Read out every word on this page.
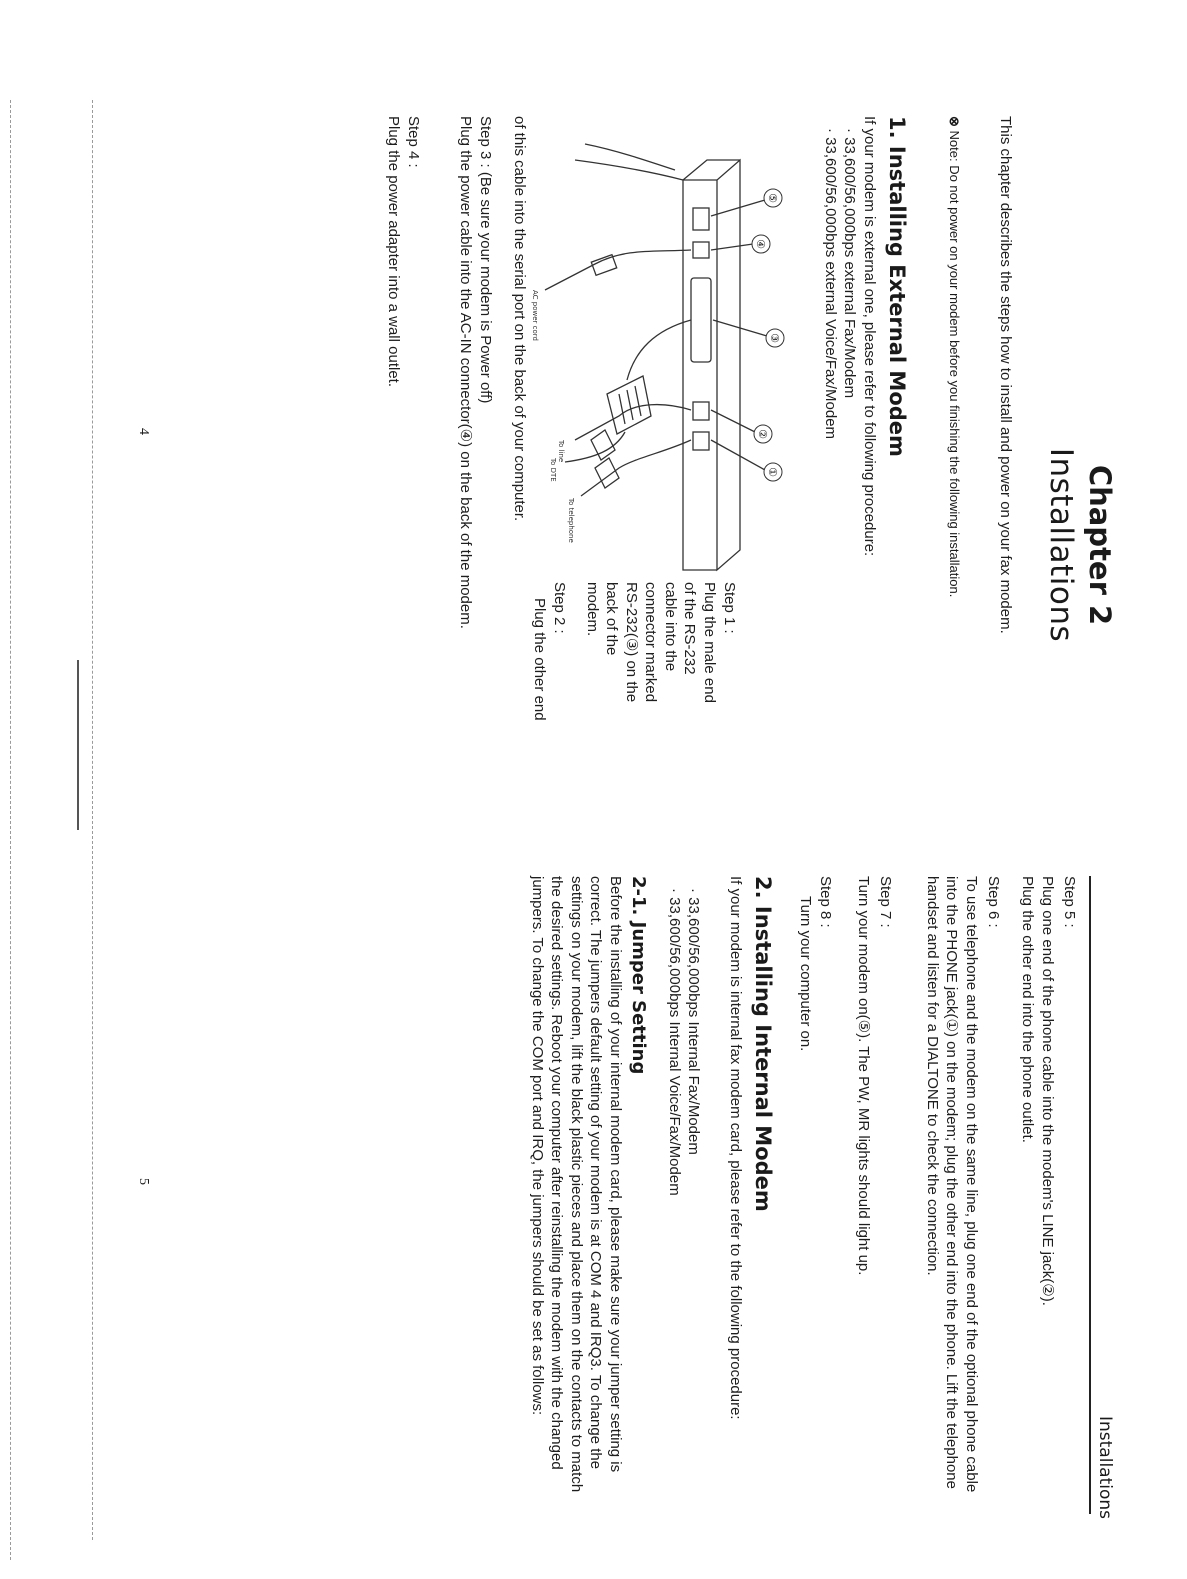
Chapter 2
Installations
This chapter describes the steps how to install and power on your fax modem.
⊗ Note: Do not power on your modem before you finishing the following installation.
1. Installing External Modem
If your modem is external one, please refer to following procedure:
· 33,600/56,000bps external Fax/Modem
· 33,600/56,000bps external Voice/Fax/Modem
⑤
④
③
②
①
To telephone
To line
To DTE
AC power cord
Step 1 :
Plug the male end of the RS-232 cable into the connector marked RS-232(③) on the back of the modem.
Step 2 :
Plug the other end
of this cable into the serial port on the back of your computer.
Step 3 : (Be sure your modem is Power off)
Plug the power cable into the AC-IN connector(④) on the back of the modem.
Step 4 :
Plug the power adapter into a wall outlet.
4
Installations
Step 5 :
Plug one end of the phone cable into the modem's LINE jack(②).
Plug the other end into the phone outlet.
Step 6 :
To use telephone and the modem on the same line, plug one end of the optional phone cable into the PHONE jack(①) on the modem; plug the other end into the phone. Lift the telephone handset and listen for a DIALTONE to check the connection.
Step 7 :
Turn your modem on(⑤). The PW, MR lights should light up.
Step 8 :
Turn your computer on.
2. Installing Internal Modem
If your modem is internal fax modem card, please refer to the following procedure:
· 33,600/56,000bps Internal Fax/Modem
· 33,600/56,000bps Internal Voice/Fax/Modem
2-1. Jumper Setting
Before the installing of your internal modem card, please make sure your jumper setting is correct. The jumpers default setting of your modem is at COM 4 and IRQ3. To change the settings on your modem, lift the black plastic pieces and place them on the contacts to match the desired settings. Reboot your computer after reinstalling the modem with the changed jumpers. To change the COM port and IRQ, the jumpers should be set as follows:
5
